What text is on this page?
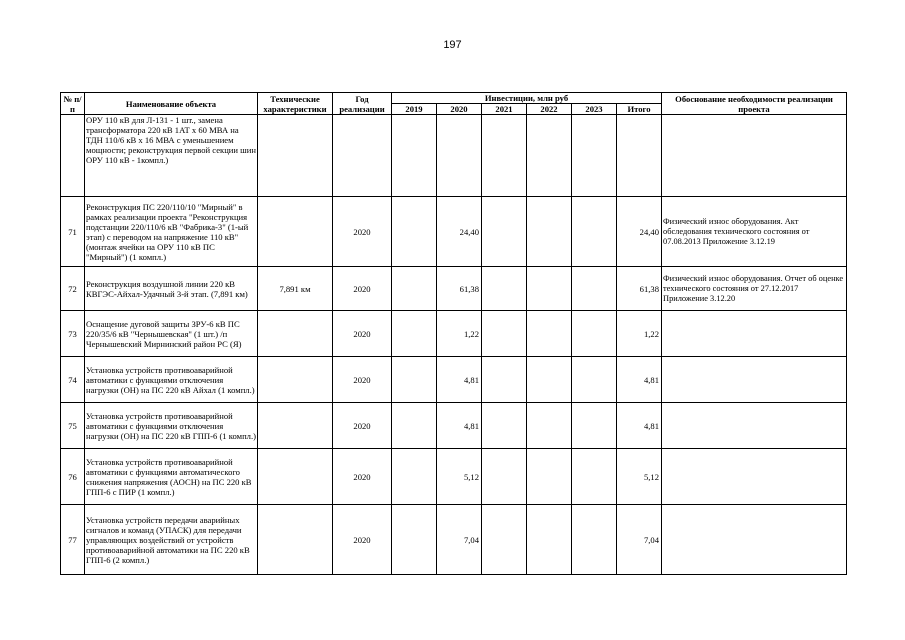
197
№ п/п	Наименование объекта	Технические характеристики	Год реализации	Инвестиции, млн руб						Обоснование необходимости реализации проекта
				2019	2020	2021	2022	2023	Итого	
	ОРУ 110 кВ для Л-131 - 1 шт., замена трансформатора 220 кВ 1АТ х 60 МВА на ТДН 110/6 кВ х 16 МВА с уменьшением мощности; реконструкция первой секции шин ОРУ 110 кВ - 1компл.)									
71	Реконструкция ПС 220/110/10 "Мирный" в рамках реализации проекта "Реконструкция подстанции 220/110/6 кВ "Фабрика-3" (1-ый этап) с переводом на напряжение 110 кВ" (монтаж ячейки на ОРУ 110 кВ ПС "Мирный") (1 компл.)		2020		24,40				24,40	Физический износ оборудования. Акт обследования технического состояния от 07.08.2013 Приложение 3.12.19
72	Реконструкция воздушной линии 220 кВ КВГЭС-Айхал-Удачный 3-й этап. (7,891 км)	7,891 км	2020		61,38				61,38	Физический износ оборудования. Отчет об оценке технического состояния от 27.12.2017 Приложение 3.12.20
73	Оснащение дуговой защиты ЗРУ-6 кВ ПС 220/35/6 кВ "Чернышевская" (1 шт.) /п Чернышевский Мирнинский район РС (Я)		2020		1,22				1,22	
74	Установка устройств противоаварийной автоматики с функциями отключения нагрузки (ОН) на ПС 220 кВ Айхал (1 компл.)		2020		4,81				4,81	
75	Установка устройств противоаварийной автоматики с функциями отключения нагрузки (ОН) на ПС 220 кВ ГПП-6 (1 компл.)		2020		4,81				4,81	
76	Установка устройств противоаварийной автоматики с функциями автоматического снижения напряжения (АОСН) на ПС 220 кВ ГПП-6 с ПИР (1 компл.)		2020		5,12				5,12	
77	Установка устройств передачи аварийных сигналов и команд (УПАСК) для передачи управляющих воздействий от устройств противоаварийной автоматики на ПС 220 кВ ГПП-6 (2 компл.)		2020		7,04				7,04	
